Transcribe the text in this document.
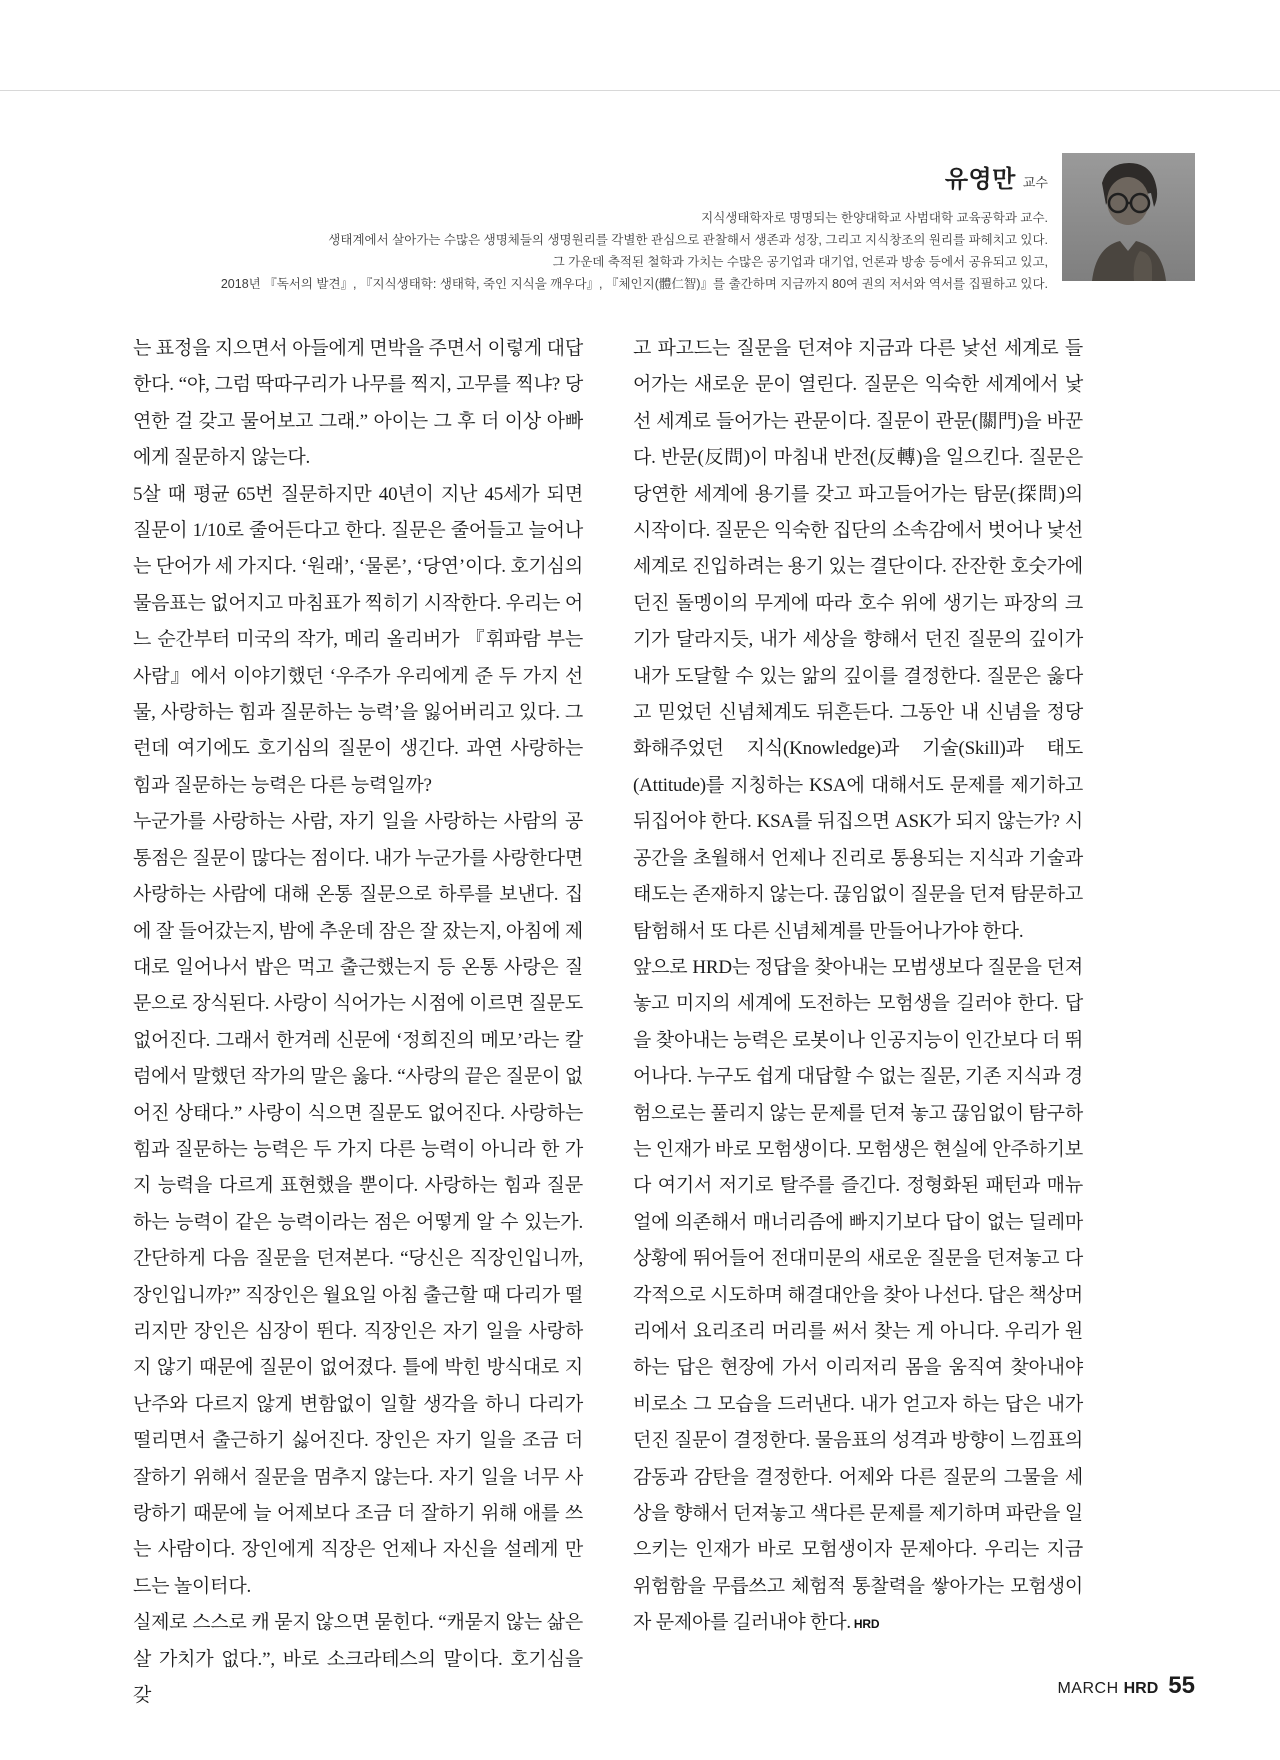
유영만 교수
지식생태학자로 명명되는 한양대학교 사범대학 교육공학과 교수.
생태계에서 살아가는 수많은 생명체들의 생명원리를 각별한 관심으로 관찰해서 생존과 성장, 그리고 지식창조의 원리를 파헤치고 있다.
그 가운데 축적된 철학과 가치는 수많은 공기업과 대기업, 언론과 방송 등에서 공유되고 있고,
2018년 『독서의 발견』, 『지식생태학: 생태학, 죽인 지식을 깨우다』, 『체인지(體仁智)』를 출간하며 지금까지 80여 권의 저서와 역서를 집필하고 있다.

는 표정을 지으면서 아들에게 면박을 주면서 이렇게 대답한다. “야, 그럼 딱따구리가 나무를 찍지, 고무를 찍냐? 당연한 걸 갖고 물어보고 그래.” 아이는 그 후 더 이상 아빠에게 질문하지 않는다.

5살 때 평균 65번 질문하지만 40년이 지난 45세가 되면 질문이 1/10로 줄어든다고 한다. 질문은 줄어들고 늘어나는 단어가 세 가지다. ‘원래’, ‘물론’, ‘당연’이다. 호기심의 물음표는 없어지고 마침표가 찍히기 시작한다. 우리는 어느 순간부터 미국의 작가, 메리 올리버가 『휘파람 부는 사람』에서 이야기했던 ‘우주가 우리에게 준 두 가지 선물, 사랑하는 힘과 질문하는 능력’을 잃어버리고 있다. 그런데 여기에도 호기심의 질문이 생긴다. 과연 사랑하는 힘과 질문하는 능력은 다른 능력일까?

누군가를 사랑하는 사람, 자기 일을 사랑하는 사람의 공통점은 질문이 많다는 점이다. 내가 누군가를 사랑한다면 사랑하는 사람에 대해 온통 질문으로 하루를 보낸다. 집에 잘 들어갔는지, 밤에 추운데 잠은 잘 잤는지, 아침에 제대로 일어나서 밥은 먹고 출근했는지 등 온통 사랑은 질문으로 장식된다. 사랑이 식어가는 시점에 이르면 질문도 없어진다. 그래서 한겨레 신문에 ‘정희진의 메모’라는 칼럼에서 말했던 작가의 말은 옳다. “사랑의 끝은 질문이 없어진 상태다.” 사랑이 식으면 질문도 없어진다. 사랑하는 힘과 질문하는 능력은 두 가지 다른 능력이 아니라 한 가지 능력을 다르게 표현했을 뿐이다. 사랑하는 힘과 질문하는 능력이 같은 능력이라는 점은 어떻게 알 수 있는가. 간단하게 다음 질문을 던져본다. “당신은 직장인입니까, 장인입니까?” 직장인은 월요일 아침 출근할 때 다리가 떨리지만 장인은 심장이 뛴다. 직장인은 자기 일을 사랑하지 않기 때문에 질문이 없어졌다. 틀에 박힌 방식대로 지난주와 다르지 않게 변함없이 일할 생각을 하니 다리가 떨리면서 출근하기 싫어진다. 장인은 자기 일을 조금 더 잘하기 위해서 질문을 멈추지 않는다. 자기 일을 너무 사랑하기 때문에 늘 어제보다 조금 더 잘하기 위해 애를 쓰는 사람이다. 장인에게 직장은 언제나 자신을 설레게 만드는 놀이터다.

실제로 스스로 캐 묻지 않으면 묻힌다. “캐묻지 않는 삶은 살 가치가 없다.”, 바로 소크라테스의 말이다. 호기심을 갖

고 파고드는 질문을 던져야 지금과 다른 낯선 세계로 들어가는 새로운 문이 열린다. 질문은 익숙한 세계에서 낯선 세계로 들어가는 관문이다. 질문이 관문(關門)을 바꾼다. 반문(反問)이 마침내 반전(反轉)을 일으킨다. 질문은 당연한 세계에 용기를 갖고 파고들어가는 탐문(探問)의 시작이다. 질문은 익숙한 집단의 소속감에서 벗어나 낯선 세계로 진입하려는 용기 있는 결단이다. 잔잔한 호숫가에 던진 돌멩이의 무게에 따라 호수 위에 생기는 파장의 크기가 달라지듯, 내가 세상을 향해서 던진 질문의 깊이가 내가 도달할 수 있는 앎의 깊이를 결정한다. 질문은 옳다고 믿었던 신념체계도 뒤흔든다. 그동안 내 신념을 정당화해주었던 지식(Knowledge)과 기술(Skill)과 태도(Attitude)를 지칭하는 KSA에 대해서도 문제를 제기하고 뒤집어야 한다. KSA를 뒤집으면 ASK가 되지 않는가? 시공간을 초월해서 언제나 진리로 통용되는 지식과 기술과 태도는 존재하지 않는다. 끊임없이 질문을 던져 탐문하고 탐험해서 또 다른 신념체계를 만들어나가야 한다.

앞으로 HRD는 정답을 찾아내는 모범생보다 질문을 던져놓고 미지의 세계에 도전하는 모험생을 길러야 한다. 답을 찾아내는 능력은 로봇이나 인공지능이 인간보다 더 뛰어나다. 누구도 쉽게 대답할 수 없는 질문, 기존 지식과 경험으로는 풀리지 않는 문제를 던져 놓고 끊임없이 탐구하는 인재가 바로 모험생이다. 모험생은 현실에 안주하기보다 여기서 저기로 탈주를 즐긴다. 정형화된 패턴과 매뉴얼에 의존해서 매너리즘에 빠지기보다 답이 없는 딜레마 상황에 뛰어들어 전대미문의 새로운 질문을 던져놓고 다각적으로 시도하며 해결대안을 찾아 나선다. 답은 책상머리에서 요리조리 머리를 써서 찾는 게 아니다. 우리가 원하는 답은 현장에 가서 이리저리 몸을 움직여 찾아내야 비로소 그 모습을 드러낸다. 내가 얻고자 하는 답은 내가 던진 질문이 결정한다. 물음표의 성격과 방향이 느낌표의 감동과 감탄을 결정한다. 어제와 다른 질문의 그물을 세상을 향해서 던져놓고 색다른 문제를 제기하며 파란을 일으키는 인재가 바로 모험생이자 문제아다. 우리는 지금 위험함을 무릅쓰고 체험적 통찰력을 쌓아가는 모험생이자 문제아를 길러내야 한다. HRD

MARCH HRD 55
